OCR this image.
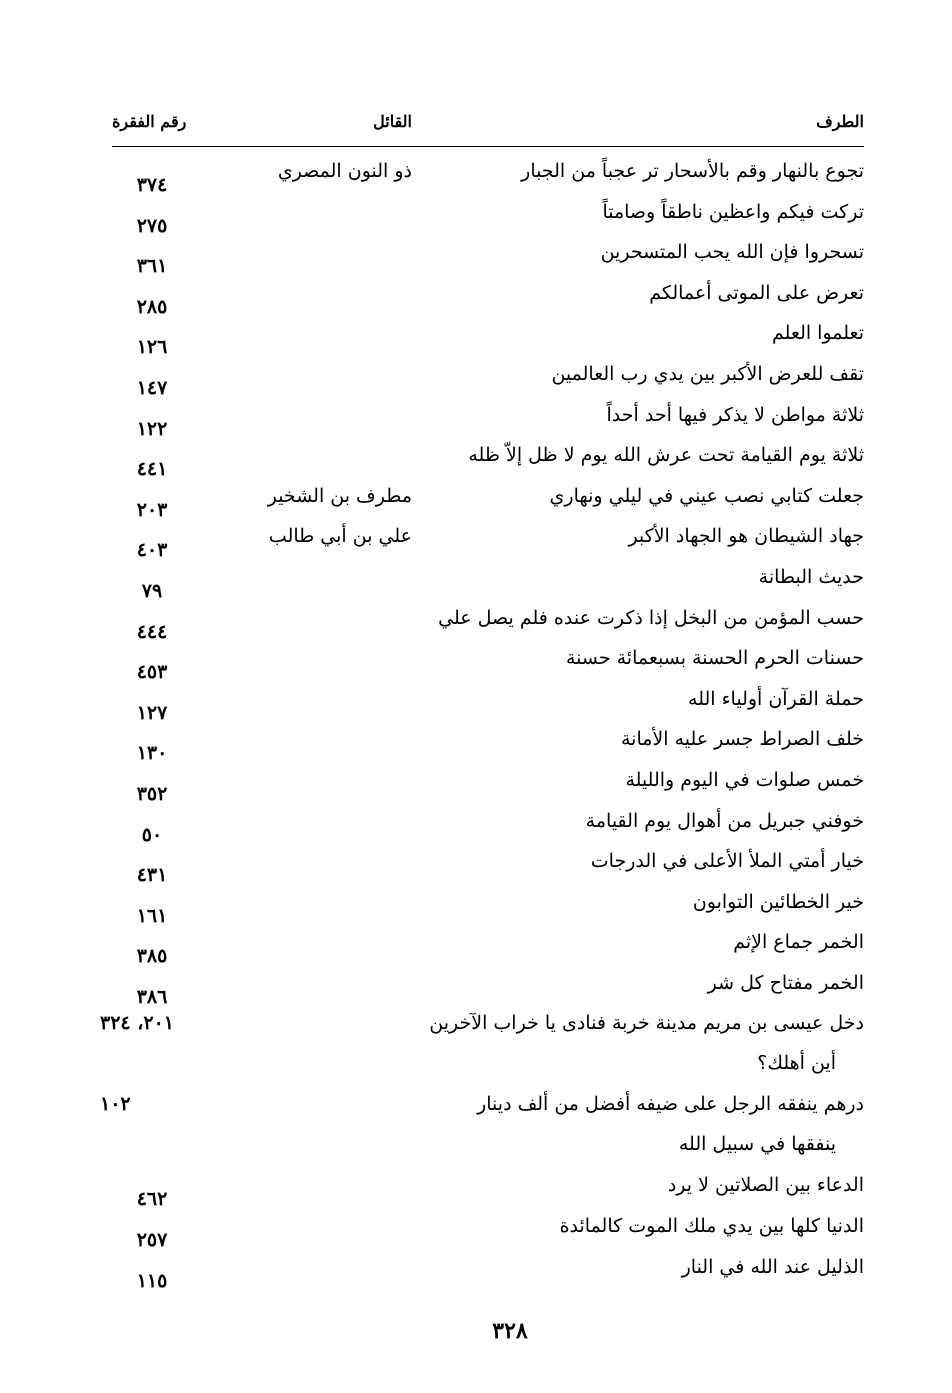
الطرف
القائل
رقم الفقرة
تجوع بالنهار وقم بالأسحار تر عجباً من الجبار
ذو النون المصري
٣٧٤
تركت فيكم واعظين ناطقاً وصامتاً
٢٧٥
تسحروا فإن الله يحب المتسحرين
٣٦١
تعرض على الموتى أعمالكم
٢٨٥
تعلموا العلم
١٢٦
تقف للعرض الأكبر بين يدي رب العالمين
١٤٧
ثلاثة مواطن لا يذكر فيها أحد أحداً
١٢٢
ثلاثة يوم القيامة تحت عرش الله يوم لا ظل إلاّ ظله
٤٤١
جعلت كتابي نصب عيني في ليلي ونهاري
مطرف بن الشخير
٢٠٣
جهاد الشيطان هو الجهاد الأكبر
علي بن أبي طالب
٤٠٣
حديث البطانة
٧٩
حسب المؤمن من البخل إذا ذكرت عنده فلم يصل علي
٤٤٤
حسنات الحرم الحسنة بسبعمائة حسنة
٤٥٣
حملة القرآن أولياء الله
١٢٧
خلف الصراط جسر عليه الأمانة
١٣٠
خمس صلوات في اليوم والليلة
٣٥٢
خوفني جبريل من أهوال يوم القيامة
٥٠
خيار أمتي الملأ الأعلى في الدرجات
٤٣١
خير الخطائين التوابون
١٦١
الخمر جماع الإثم
٣٨٥
الخمر مفتاح كل شر
٣٨٦
دخل عيسى بن مريم مدينة خربة فنادى يا خراب الآخرين
أين أهلك؟
٢٠١، ٣٢٤
درهم ينفقه الرجل على ضيفه أفضل من ألف دينار
ينفقها في سبيل الله
١٠٢
الدعاء بين الصلاتين لا يرد
٤٦٢
الدنيا كلها بين يدي ملك الموت كالمائدة
٢٥٧
الذليل عند الله في النار
١١٥
٣٢٨
